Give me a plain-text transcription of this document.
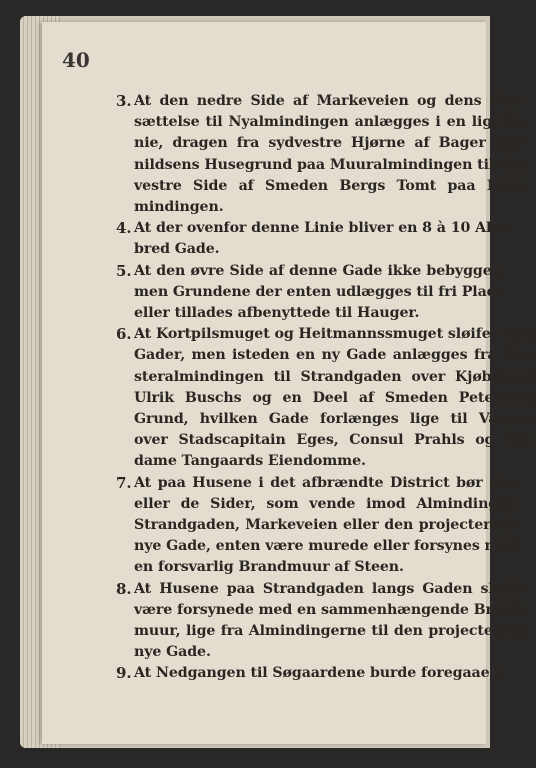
40
3. At den nedre Side af Markeveien og dens Fort-
sættelse til Nyalmindingen anlægges i en lige Li-
nie, dragen fra sydvestre Hjørne af Bager Bry-
nildsens Husegrund paa Muuralmindingen til den
vestre Side af Smeden Bergs Tomt paa Nyal-
mindingen.
4. At der ovenfor denne Linie bliver en 8 à 10 Alen
bred Gade.
5. At den øvre Side af denne Gade ikke bebygges,
men Grundene der enten udlægges til fri Plads
eller tillades afbenyttede til Hauger.
6. At Kortpilsmuget og Heitmannssmuget sløifes som
Gader, men isteden en ny Gade anlægges fra Klo-
steralmindingen til Strandgaden over Kjøbmand
Ulrik Buschs og en Deel af Smeden Petersens
Grund, hvilken Gade forlænges lige til Vaagen
over Stadscapitain Eges, Consul Prahls og Ma-
dame Tangaards Eiendomme.
7. At paa Husene i det afbrændte District bør den
eller de Sider, som vende imod Almindinger,
Strandgaden, Markeveien eller den projecterede
nye Gade, enten være murede eller forsynes med
en forsvarlig Brandmuur af Steen.
8. At Husene paa Strandgaden langs Gaden skulle
være forsynede med en sammenhængende Brand-
muur, lige fra Almindingerne til den projecterede
nye Gade.
9. At Nedgangen til Søgaardene burde foregaae i-
